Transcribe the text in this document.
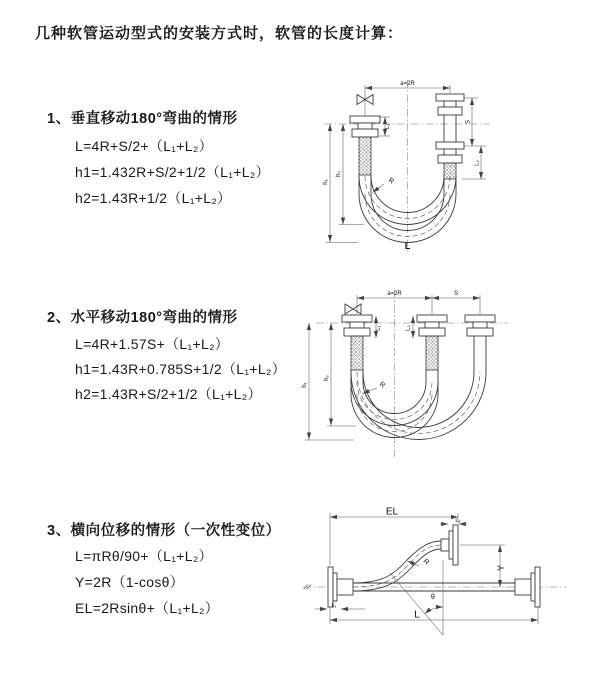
几种软管运动型式的安装方式时，软管的长度计算：
1、垂直移动180°弯曲的情形
L=4R+S/2+（L₁+L₂）
h1=1.432R+S/2+1/2（L₁+L₂）
h2=1.43R+1/2（L₁+L₂）
2、水平移动180°弯曲的情形
L=4R+1.57S+（L₁+L₂）
h1=1.43R+0.785S+1/2（L₁+L₂）
h2=1.43R+S/2+1/2（L₁+L₂）
3、横向位移的情形（一次性变位）
L=πRθ/90+（L₁+L₂）
Y=2R（1-cosθ）
EL=2Rsinθ+（L₁+L₂）
a=2R
h₁
h₂
S
L₂
L₁
R
L
a=2R	S
h₁
h₂
L₁	L₂
R
EL
L₂
Y
L
L₁
R
θ
